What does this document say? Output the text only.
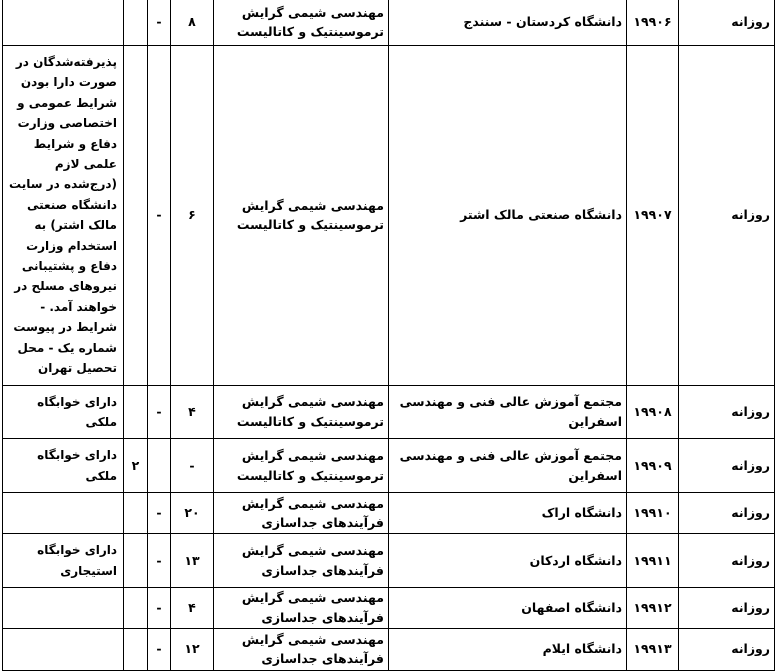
روزانه	۱۹۹۰۶	دانشگاه کردستان - سنندج	مهندسی شیمی گرایش ترموسینتیک و کاتالیست	۸	-		
روزانه	۱۹۹۰۷	دانشگاه صنعتی مالک اشتر	مهندسی شیمی گرایش ترموسینتیک و کاتالیست	۶	-		پذیرفته‌شدگان در صورت دارا بودن شرایط عمومی و اختصاصی وزارت دفاع و شرایط علمی لازم (درج‌شده در سایت دانشگاه صنعتی مالک اشتر) به استخدام وزارت دفاع و پشتیبانی نیروهای مسلح در خواهند آمد. - شرایط در پیوست شماره یک - محل تحصیل تهران
روزانه	۱۹۹۰۸	مجتمع آموزش عالی فنی و مهندسی اسفراین	مهندسی شیمی گرایش ترموسینتیک و کاتالیست	۴	-		دارای خوابگاه ملکی
روزانه	۱۹۹۰۹	مجتمع آموزش عالی فنی و مهندسی اسفراین	مهندسی شیمی گرایش ترموسینتیک و کاتالیست	-		۲	دارای خوابگاه ملکی
روزانه	۱۹۹۱۰	دانشگاه اراک	مهندسی شیمی گرایش فرآیندهای جداسازی	۲۰	-		
روزانه	۱۹۹۱۱	دانشگاه اردکان	مهندسی شیمی گرایش فرآیندهای جداسازی	۱۳	-		دارای خوابگاه استیجاری
روزانه	۱۹۹۱۲	دانشگاه اصفهان	مهندسی شیمی گرایش فرآیندهای جداسازی	۴	-		
روزانه	۱۹۹۱۳	دانشگاه ایلام	مهندسی شیمی گرایش فرآیندهای جداسازی	۱۲	-		
